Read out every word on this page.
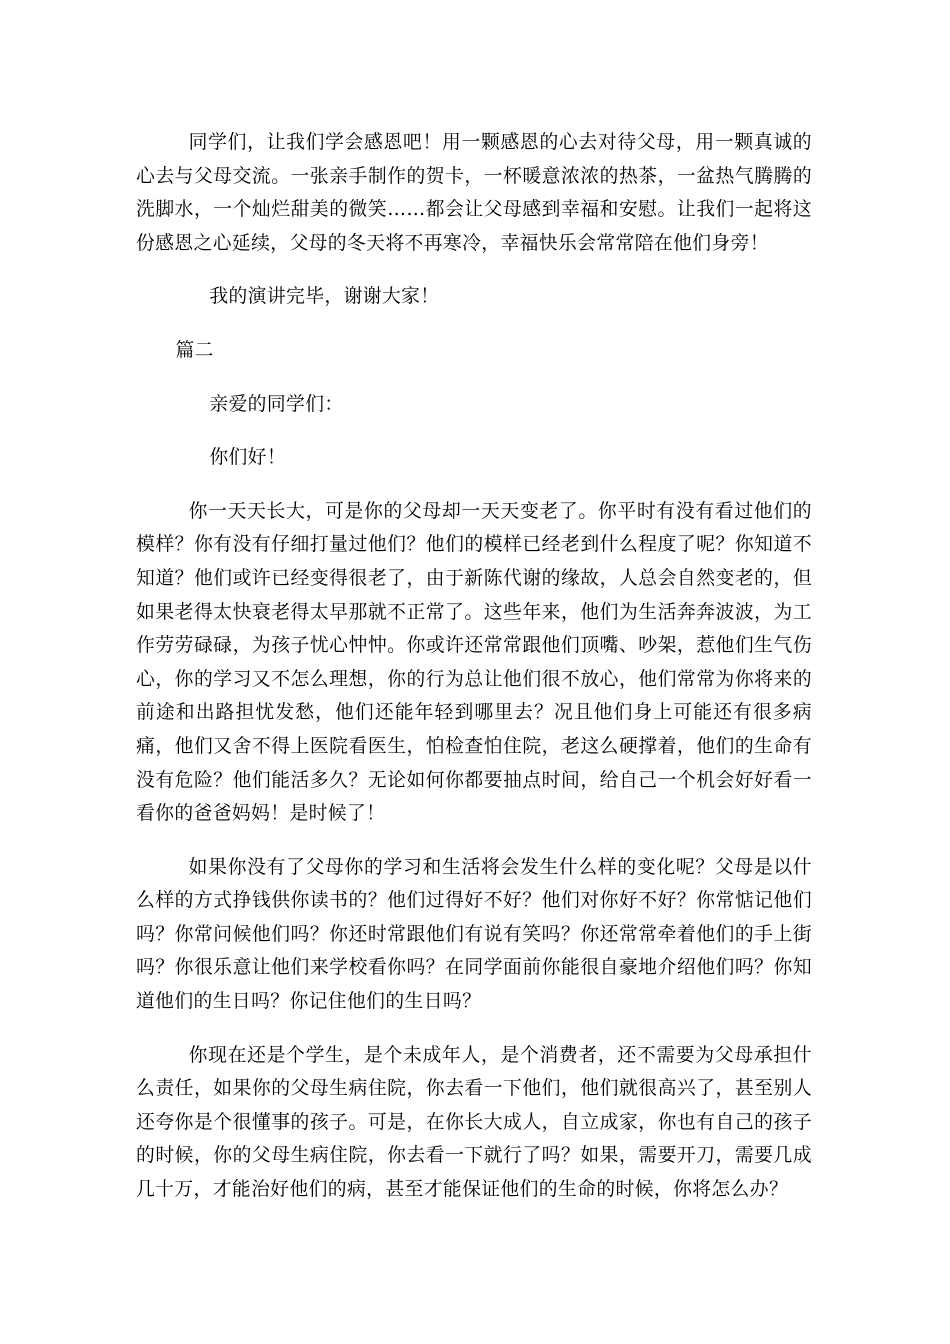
同学们，让我们学会感恩吧！用一颗感恩的心去对待父母，用一颗真诚的心去与父母交流。一张亲手制作的贺卡，一杯暖意浓浓的热茶，一盆热气腾腾的洗脚水，一个灿烂甜美的微笑……都会让父母感到幸福和安慰。让我们一起将这份感恩之心延续，父母的冬天将不再寒冷，幸福快乐会常常陪在他们身旁！

我的演讲完毕，谢谢大家！

篇二

亲爱的同学们：

你们好！

你一天天长大，可是你的父母却一天天变老了。你平时有没有看过他们的模样？你有没有仔细打量过他们？他们的模样已经老到什么程度了呢？你知道不知道？他们或许已经变得很老了，由于新陈代谢的缘故，人总会自然变老的，但如果老得太快衰老得太早那就不正常了。这些年来，他们为生活奔奔波波，为工作劳劳碌碌，为孩子忧心忡忡。你或许还常常跟他们顶嘴、吵架，惹他们生气伤心，你的学习又不怎么理想，你的行为总让他们很不放心，他们常常为你将来的前途和出路担忧发愁，他们还能年轻到哪里去？况且他们身上可能还有很多病痛，他们又舍不得上医院看医生，怕检查怕住院，老这么硬撑着，他们的生命有没有危险？他们能活多久？无论如何你都要抽点时间，给自己一个机会好好看一看你的爸爸妈妈！是时候了！

如果你没有了父母你的学习和生活将会发生什么样的变化呢？父母是以什么样的方式挣钱供你读书的？他们过得好不好？他们对你好不好？你常惦记他们吗？你常问候他们吗？你还时常跟他们有说有笑吗？你还常常牵着他们的手上街吗？你很乐意让他们来学校看你吗？在同学面前你能很自豪地介绍他们吗？你知道他们的生日吗？你记住他们的生日吗？

你现在还是个学生，是个未成年人，是个消费者，还不需要为父母承担什么责任，如果你的父母生病住院，你去看一下他们，他们就很高兴了，甚至别人还夸你是个很懂事的孩子。可是，在你长大成人，自立成家，你也有自己的孩子的时候，你的父母生病住院，你去看一下就行了吗？如果，需要开刀，需要几成几十万，才能治好他们的病，甚至才能保证他们的生命的时候，你将怎么办？
